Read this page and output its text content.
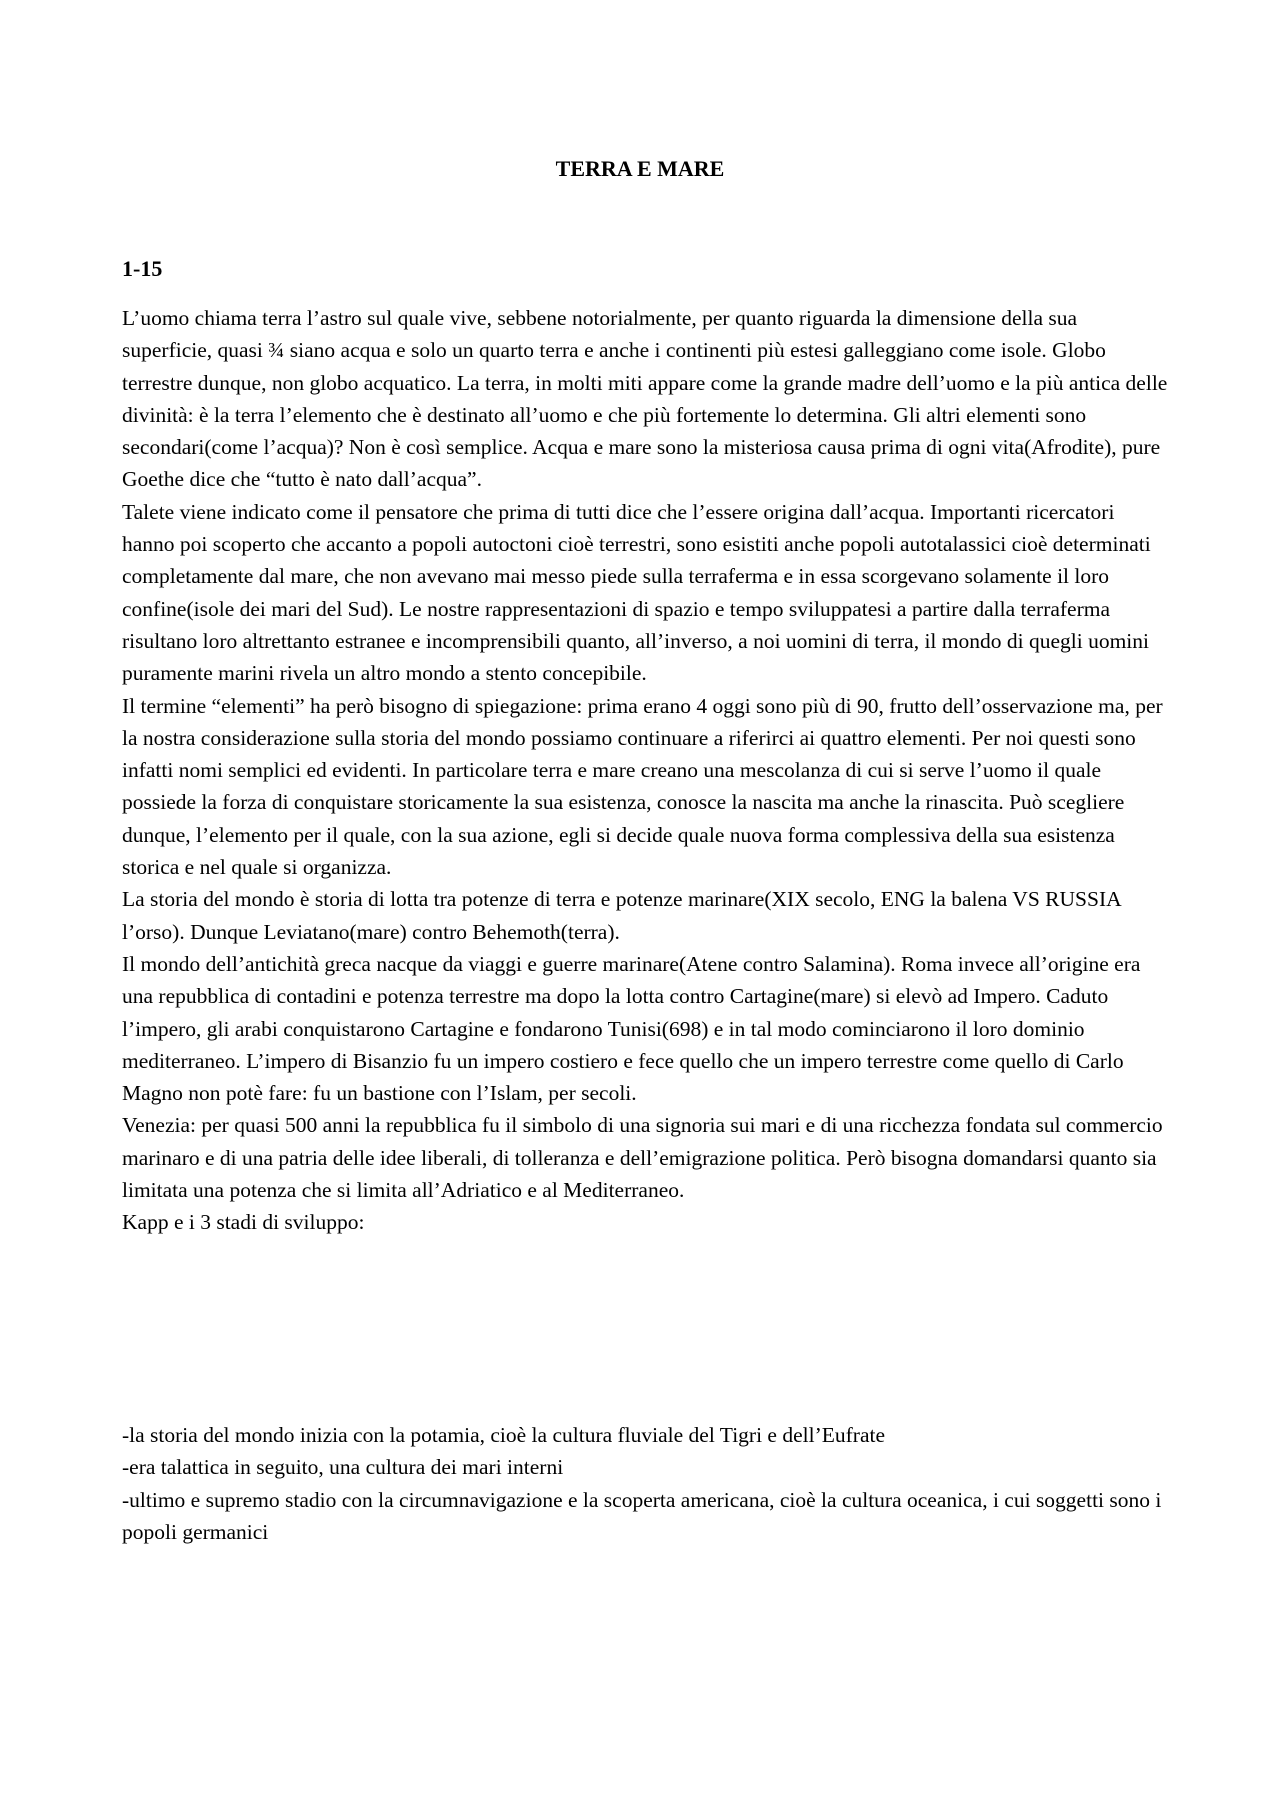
TERRA E MARE
1-15

L’uomo chiama terra l’astro sul quale vive, sebbene notorialmente, per quanto riguarda la dimensione della sua superficie, quasi ¾ siano acqua e solo un quarto terra e anche i continenti più estesi galleggiano come isole. Globo terrestre dunque, non globo acquatico. La terra, in molti miti appare come la grande madre dell’uomo e la più antica delle divinità: è la terra l’elemento che è destinato all’uomo e che più fortemente lo determina. Gli altri elementi sono secondari(come l’acqua)? Non è così semplice. Acqua e mare sono la misteriosa causa prima di ogni vita(Afrodite), pure Goethe dice che “tutto è nato dall’acqua”.

Talete viene indicato come il pensatore che prima di tutti dice che l’essere origina dall’acqua. Importanti ricercatori hanno poi scoperto che accanto a popoli autoctoni cioè terrestri, sono esistiti anche popoli autotalassici cioè determinati completamente dal mare, che non avevano mai messo piede sulla terraferma e in essa scorgevano solamente il loro confine(isole dei mari del Sud). Le nostre rappresentazioni di spazio e tempo sviluppatesi a partire dalla terraferma risultano loro altrettanto estranee e incomprensibili quanto, all’inverso, a noi uomini di terra, il mondo di quegli uomini puramente marini rivela un altro mondo a stento concepibile.

Il termine “elementi” ha però bisogno di spiegazione: prima erano 4 oggi sono più di 90, frutto dell’osservazione ma, per la nostra considerazione sulla storia del mondo possiamo continuare a riferirci ai quattro elementi. Per noi questi sono infatti nomi semplici ed evidenti. In particolare terra e mare creano una mescolanza di cui si serve l’uomo il quale possiede la forza di conquistare storicamente la sua esistenza, conosce la nascita ma anche la rinascita. Può scegliere dunque, l’elemento per il quale, con la sua azione, egli si decide quale nuova forma complessiva della sua esistenza storica e nel quale si organizza.

La storia del mondo è storia di lotta tra potenze di terra e potenze marinare(XIX secolo, ENG la balena VS RUSSIA l’orso). Dunque Leviatano(mare) contro Behemoth(terra).

Il mondo dell’antichità greca nacque da viaggi e guerre marinare(Atene contro Salamina). Roma invece all’origine era una repubblica di contadini e potenza terrestre ma dopo la lotta contro Cartagine(mare) si elevò ad Impero. Caduto l’impero, gli arabi conquistarono Cartagine e fondarono Tunisi(698) e in tal modo cominciarono il loro dominio mediterraneo. L’impero di Bisanzio fu un impero costiero e fece quello che un impero terrestre come quello di Carlo Magno non potè fare: fu un bastione con l’Islam, per secoli.

Venezia: per quasi 500 anni la repubblica fu il simbolo di una signoria sui mari e di una ricchezza fondata sul commercio marinaro e di una patria delle idee liberali, di tolleranza e dell’emigrazione politica. Però bisogna domandarsi quanto sia limitata una potenza che si limita all’Adriatico e al Mediterraneo.

Kapp e i 3 stadi di sviluppo:

-la storia del mondo inizia con la potamia, cioè la cultura fluviale del Tigri e dell’Eufrate

-era talattica in seguito, una cultura dei mari interni

-ultimo e supremo stadio con la circumnavigazione e la scoperta americana, cioè la cultura oceanica, i cui soggetti sono i popoli germanici
